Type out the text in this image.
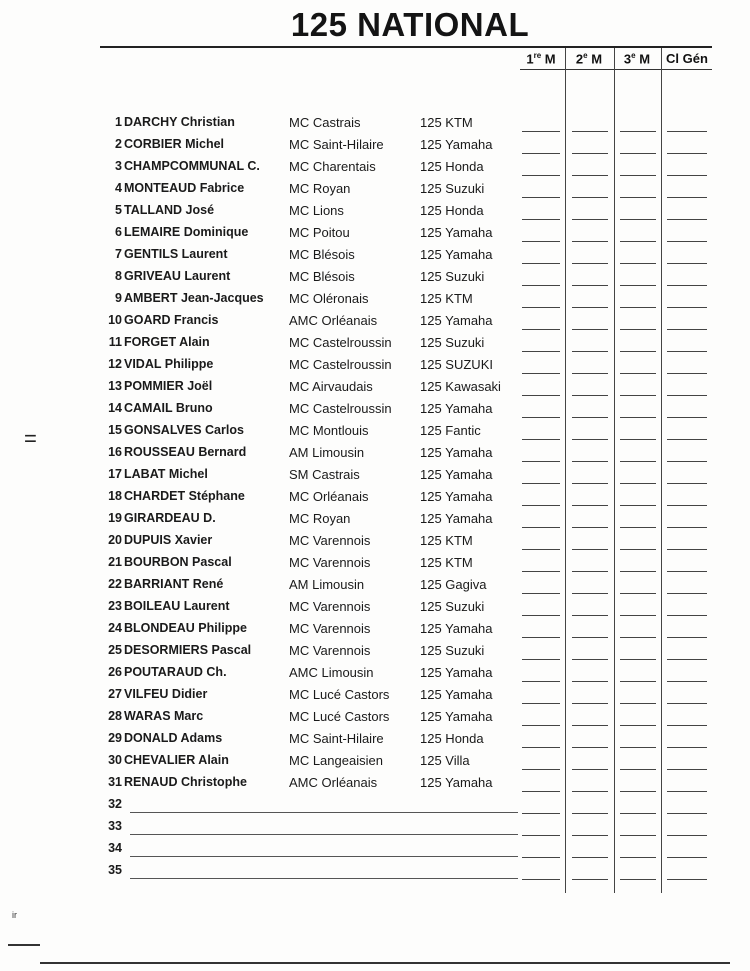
125 NATIONAL
1re M	2e M	3e M	Cl Gén
1 DARCHY Christian	MC Castrais	125 KTM
2 CORBIER Michel	MC Saint-Hilaire	125 Yamaha
3 CHAMPCOMMUNAL C. MC Charentais	125 Honda
4 MONTEAUD Fabrice	MC Royan	125 Suzuki
5 TALLAND José	MC Lions	125 Honda
6 LEMAIRE Dominique	MC Poitou	125 Yamaha
7 GENTILS Laurent	MC Blésois	125 Yamaha
8 GRIVEAU Laurent	MC Blésois	125 Suzuki
9 AMBERT Jean-Jacques MC Oléronais	125 KTM
10 GOARD Francis	AMC Orléanais	125 Yamaha
11 FORGET Alain	MC Castelroussin 125 Suzuki
12 VIDAL Philippe	MC Castelroussin 125 SUZUKI
13 POMMIER Joël	MC Airvaudais	125 Kawasaki
14 CAMAIL Bruno	MC Castelroussin 125 Yamaha
15 GONSALVES Carlos	MC Montlouis	125 Fantic
16 ROUSSEAU Bernard	AM Limousin	125 Yamaha
17 LABAT Michel	SM Castrais	125 Yamaha
18 CHARDET Stéphane	MC Orléanais	125 Yamaha
19 GIRARDEAU D.	MC Royan	125 Yamaha
20 DUPUIS Xavier	MC Varennois	125 KTM
21 BOURBON Pascal	MC Varennois	125 KTM
22 BARRIANT René	AM Limousin	125 Gagiva
23 BOILEAU Laurent	MC Varennois	125 Suzuki
24 BLONDEAU Philippe	MC Varennois	125 Yamaha
25 DESORMIERS Pascal	MC Varennois	125 Suzuki
26 POUTARAUD Ch.	AMC Limousin	125 Yamaha
27 VILFEU Didier	MC Lucé Castors 125 Yamaha
28 WARAS Marc	MC Lucé Castors 125 Yamaha
29 DONALD Adams	MC Saint-Hilaire	125 Honda
30 CHEVALIER Alain	MC Langeaisien	125 Villa
31 RENAUD Christophe	AMC Orléanais	125 Yamaha
32
33
34
35
=
ir
